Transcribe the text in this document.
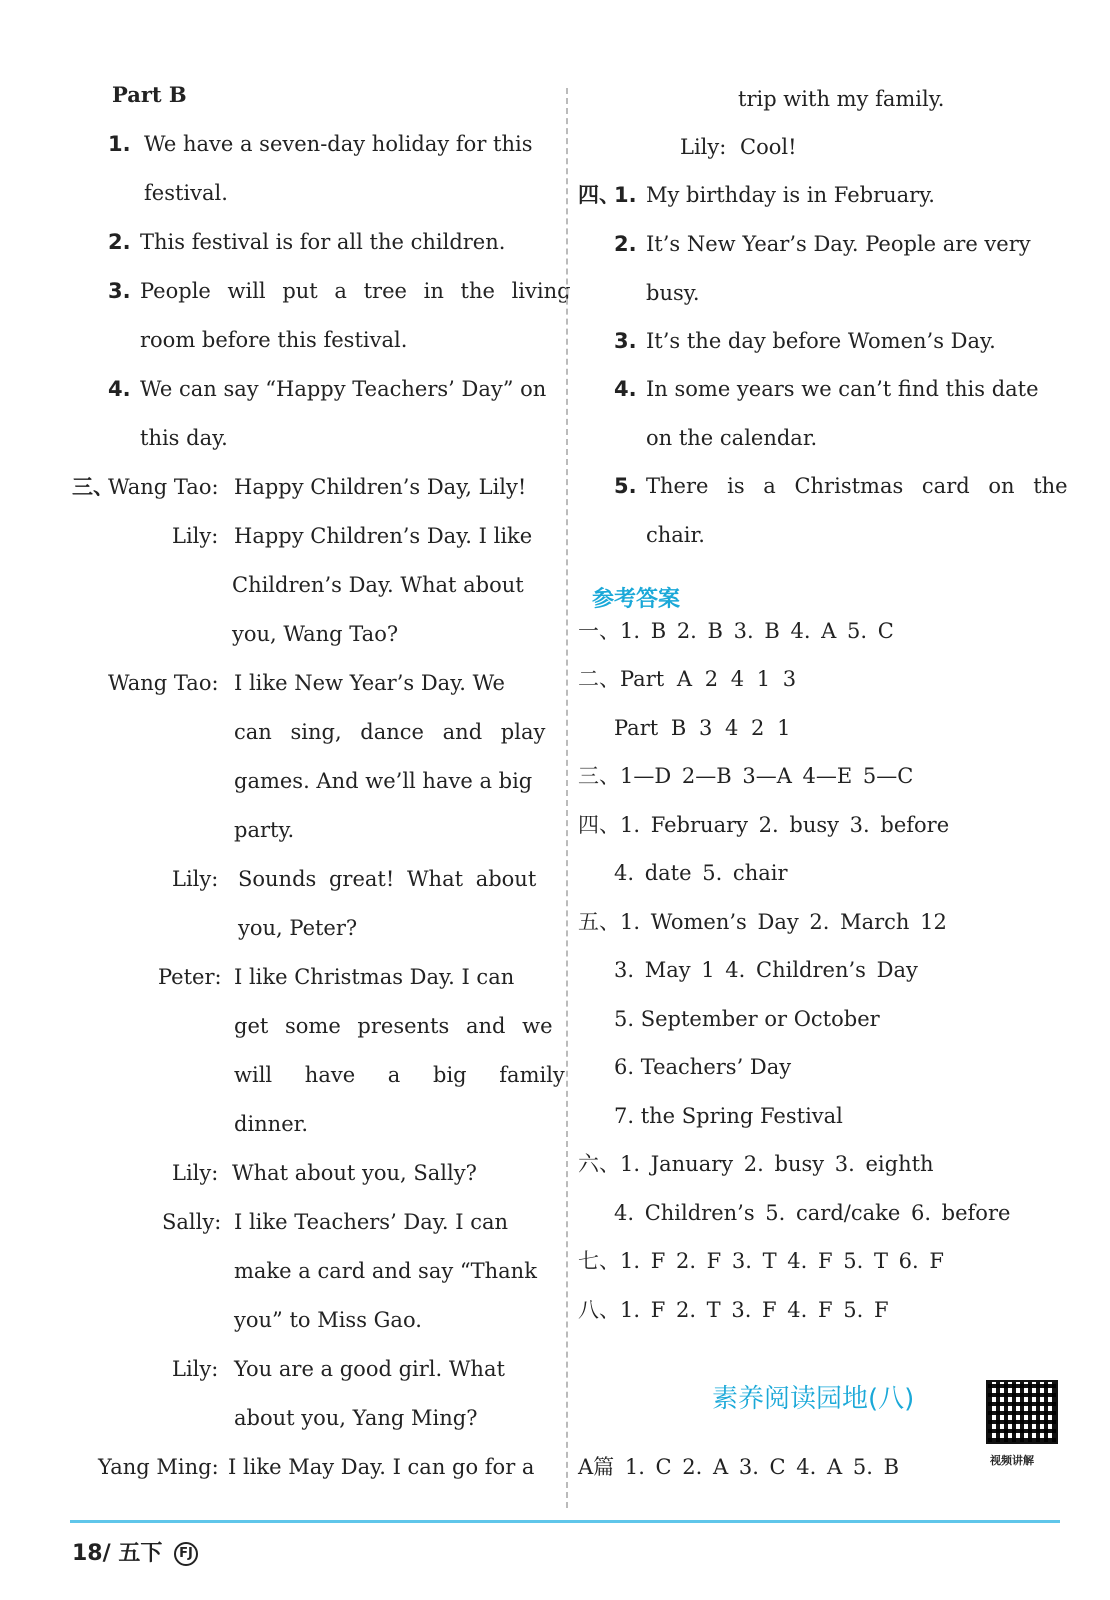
Part B
1. We have a seven-day holiday for this
festival.
2. This festival is for all the children.
3. People will put a tree in the living
room before this festival.
4. We can say “Happy Teachers’ Day” on
this day.
三、
Wang Tao: Happy Children’s Day, Lily!
Lily: Happy Children’s Day. I like
Children’s Day. What about
you, Wang Tao?
Wang Tao: I like New Year’s Day. We
can sing, dance and play
games. And we’ll have a big
party.
Lily: Sounds great! What about
you, Peter?
Peter: I like Christmas Day. I can
get some presents and we
will have a big family
dinner.
Lily: What about you, Sally?
Sally: I like Teachers’ Day. I can
make a card and say “Thank
you” to Miss Gao.
Lily: You are a good girl. What
about you, Yang Ming?
Yang Ming: I like May Day. I can go for a
trip with my family.
Lily: Cool!
四、
1. My birthday is in February.
2. It’s New Year’s Day. People are very
busy.
3. It’s the day before Women’s Day.
4. In some years we can’t find this date
on the calendar.
5. There is a Christmas card on the
chair.
参考答案
一、1. B 2. B 3. B 4. A 5. C
二、Part A 2 4 1 3
Part B 3 4 2 1
三、1—D 2—B 3—A 4—E 5—C
四、1. February 2. busy 3. before
4. date 5. chair
五、1. Women’s Day 2. March 12
3. May 1 4. Children’s Day
5. September or October
6. Teachers’ Day
7. the Spring Festival
六、1. January 2. busy 3. eighth
4. Children’s 5. card/cake 6. before
七、1. F 2. F 3. T 4. F 5. T 6. F
八、1. F 2. T 3. F 4. F 5. F
素养阅读园地(八)
视频讲解
A篇 1. C 2. A 3. C 4. A 5. B
18/ 五下 FJ
